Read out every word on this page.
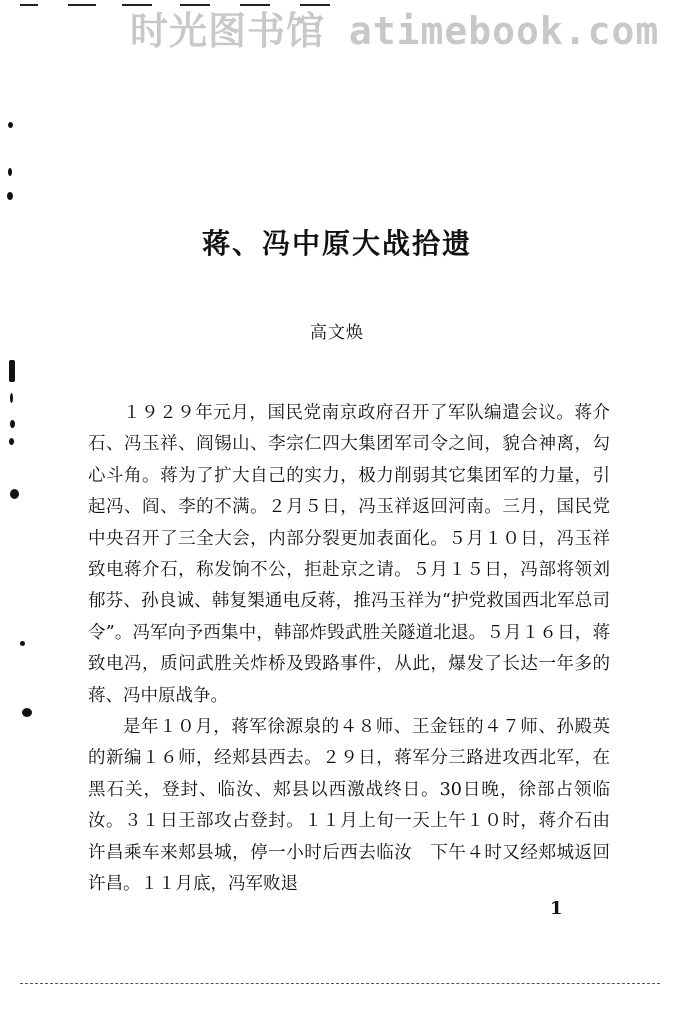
时光图书馆 atimebook.com
蒋、冯中原大战拾遗
高文焕

１９２９年元月，国民党南京政府召开了军队编遣会议。蒋介石、冯玉祥、阎锡山、李宗仁四大集团军司令之间，貌合神离，勾心斗角。蒋为了扩大自己的实力，极力削弱其它集团军的力量，引起冯、阎、李的不满。２月５日，冯玉祥返回河南。三月，国民党中央召开了三全大会，内部分裂更加表面化。５月１０日，冯玉祥致电蒋介石，称发饷不公，拒赴京之请。５月１５日，冯部将领刘郁芬、孙良诚、韩复榘通电反蒋，推冯玉祥为“护党救国西北军总司令”。冯军向予西集中，韩部炸毁武胜关隧道北退。５月１６日，蒋致电冯，质问武胜关炸桥及毁路事件，从此，爆发了长达一年多的蒋、冯中原战争。

是年１０月，蒋军徐源泉的４８师、王金钰的４７师、孙殿英的新编１６师，经郏县西去。２９日，蒋军分三路进攻西北军，在黑石关，登封、临汝、郏县以西激战终日。30日晚，徐部占领临汝。３１日王部攻占登封。１１月上旬一天上午１０时，蒋介石由许昌乘车来郏县城，停一小时后西去临汝　下午４时又经郏城返回许昌。１１月底，冯军败退

1
